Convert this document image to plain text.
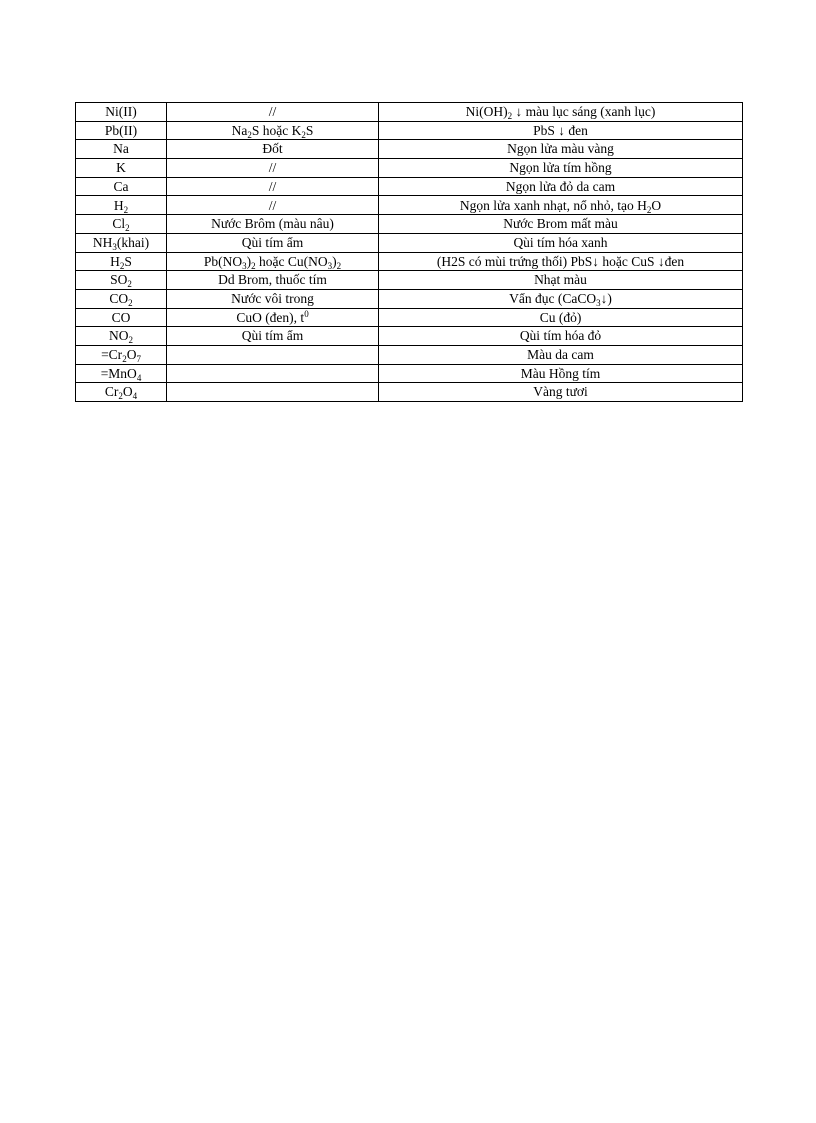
Ni(II)	//	$Ni(OH)_2$ ↓ màu lục sáng (xanh lục)
Pb(II)	$Na_2S$ hoặc $K_2S$	PbS ↓ đen
Na	Đốt	Ngọn lửa màu vàng
K	//	Ngọn lửa tím hồng
Ca	//	Ngọn lửa đỏ da cam
$H_2$	//	Ngọn lửa xanh nhạt, nổ nhỏ, tạo $H_2O$
$Cl_2$	Nước Brôm (màu nâu)	Nước Brom mất màu
$NH_3(khai)$	Qùi tím ẩm	Qùi tím hóa xanh
$H_2S$	$Pb(NO_3)_2$ hoặc $Cu(NO_3)_2$	(H2S có mùi trứng thối) PbS↓ hoặc CuS ↓đen
$SO_2$	Dd Brom, thuốc tím	Nhạt màu
$CO_2$	Nước vôi trong	Vẩn đục (CaCO$_3$↓)
CO	CuO (đen), $t^0$	Cu (đỏ)
$NO_2$	Qùi tím ẩm	Qùi tím hóa đỏ
$=Cr_2O_7$		Màu da cam
=MnO$_4$		Màu Hồng tím
$Cr_2O_4$		Vàng tươi
